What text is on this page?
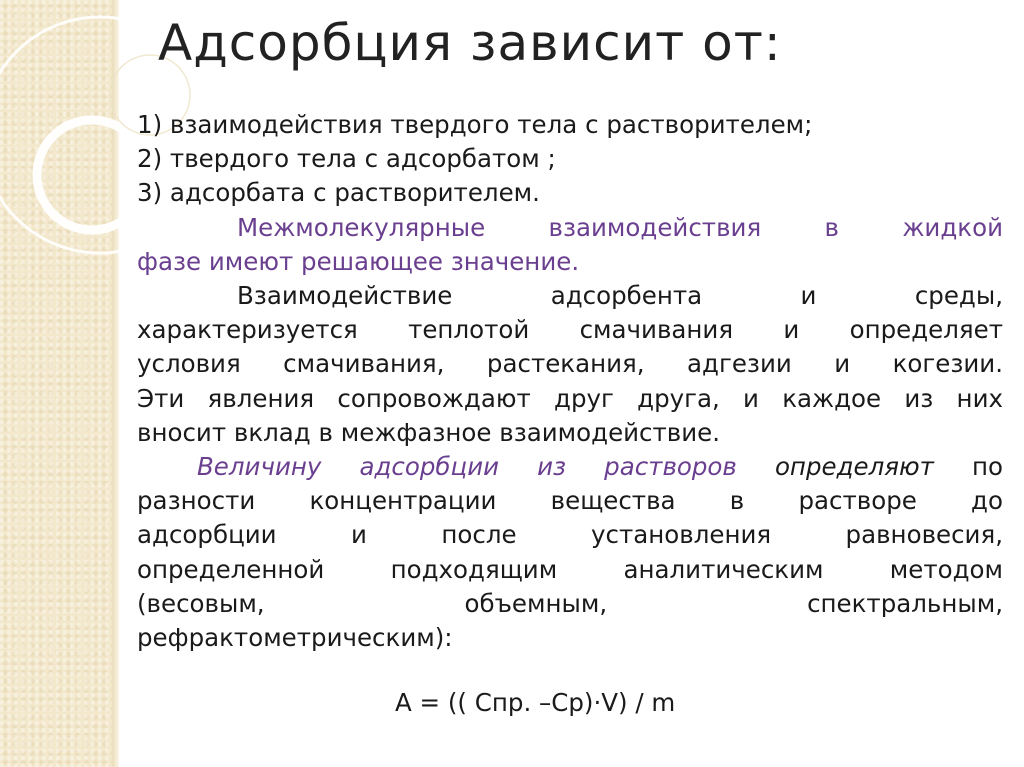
Адсорбция зависит от:
1) взаимодействия твердого тела с растворителем;
2) твердого тела с адсорбатом ;
3) адсорбата с растворителем.
Межмолекулярные взаимодействия в жидкой
фазе имеют решающее значение.
Взаимодействие адсорбента и среды,
характеризуется теплотой смачивания и определяет
условия смачивания, растекания, адгезии и когезии.
Эти явления сопровождают друг друга, и каждое из них
вносит вклад в межфазное взаимодействие.
Величину адсорбции из растворов определяют по
разности концентрации вещества в растворе до
адсорбции и после установления равновесия,
определенной подходящим аналитическим методом
(весовым, объемным, спектральным,
рефрактометрическим):
А = (( Спр. –Ср)·V) / m
